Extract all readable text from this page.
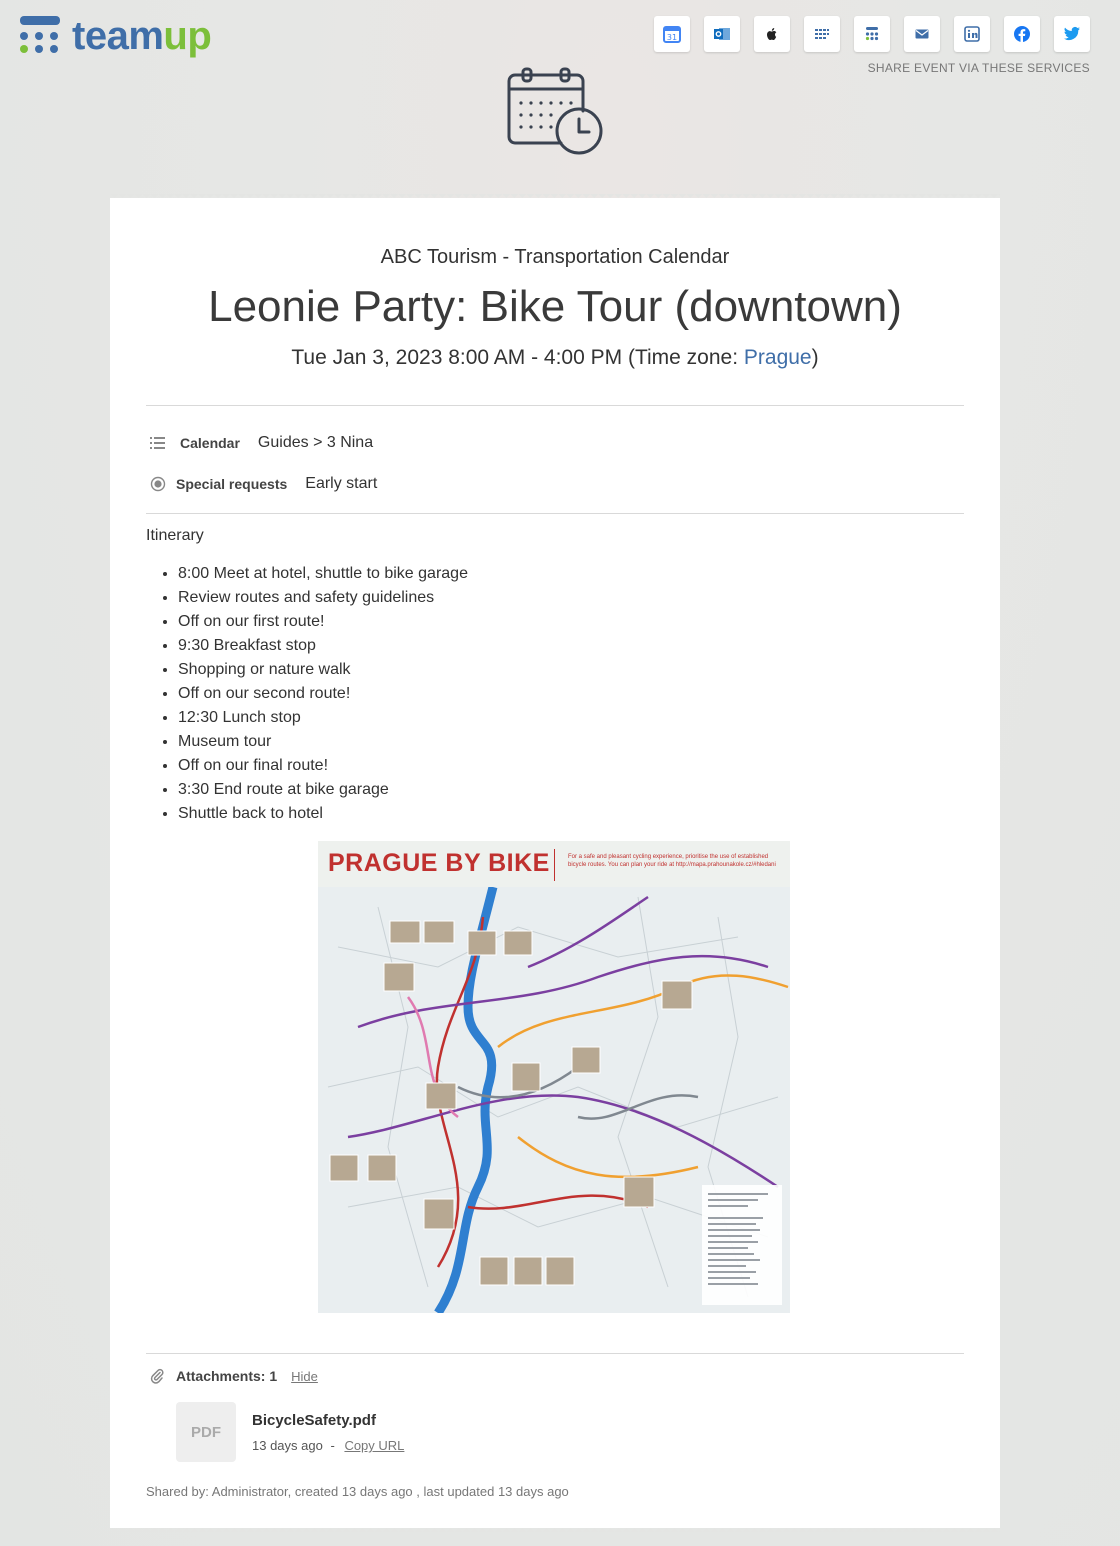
teamup	31
SHARE EVENT VIA THESE SERVICES
ABC Tourism - Transportation Calendar
Leonie Party: Bike Tour (downtown)
Tue Jan 3, 2023 8:00 AM - 4:00 PM (Time zone: Prague)
Calendar Guides > 3 Nina
Special requests Early start
Itinerary
• 8:00 Meet at hotel, shuttle to bike garage
• Review routes and safety guidelines
• Off on our first route!
• 9:30 Breakfast stop
• Shopping or nature walk
• Off on our second route!
• 12:30 Lunch stop
• Museum tour
• Off on our final route!
• 3:30 End route at bike garage
• Shuttle back to hotel
PRAGUE BY BIKE	For a safe and pleasant cycling experience, prioritise the use of established bicycle routes. You can plan your ride at http://mapa.prahounakole.cz/#hledani
Attachments: 1 Hide
PDF
BicycleSafety.pdf
13 days ago - Copy URL
Shared by: Administrator, created 13 days ago , last updated 13 days ago
